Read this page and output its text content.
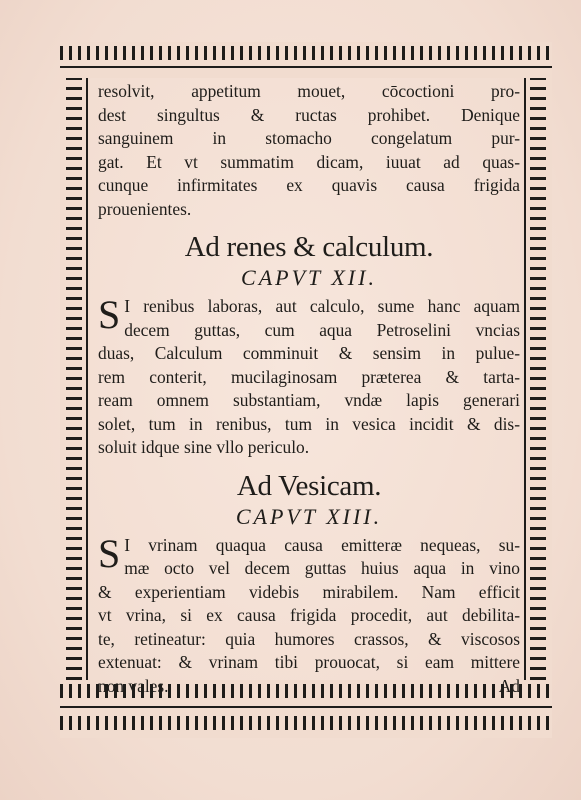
resolvit, appetitum mouet, cōcoctioni pro-
dest singultus & ructas prohibet. Denique
sanguinem in stomacho congelatum pur-
gat. Et vt summatim dicam, iuuat ad quas-
cunque infirmitates ex quavis causa frigida
prouenientes.
Ad renes & calculum.
CAPVT XII.
S I renibus laboras, aut calculo, sume hanc aquam
decem guttas, cum aqua Petroselini vncias
duas, Calculum comminuit & sensim in puluе-
rem conterit, mucilaginosam præterea & tarta-
ream omnem substantiam, vndæ lapis generari
solet, tum in renibus, tum in vesica incidit & dis-
soluit idque sine vllo periculo.
Ad Vesicam.
CAPVT XIII.
S I vrinam quaqua causa emitteræ nequeas, su-
mæ octo vel decem guttas huius aqua in vino
& experientiam videbis mirabilem. Nam efficit
vt vrina, si ex causa frigida procedit, aut debilita-
te, retineatur: quia humores crassos, & viscosos
extenuat: & vrinam tibi prouocat, si eam mittere
non vales.	Ad
